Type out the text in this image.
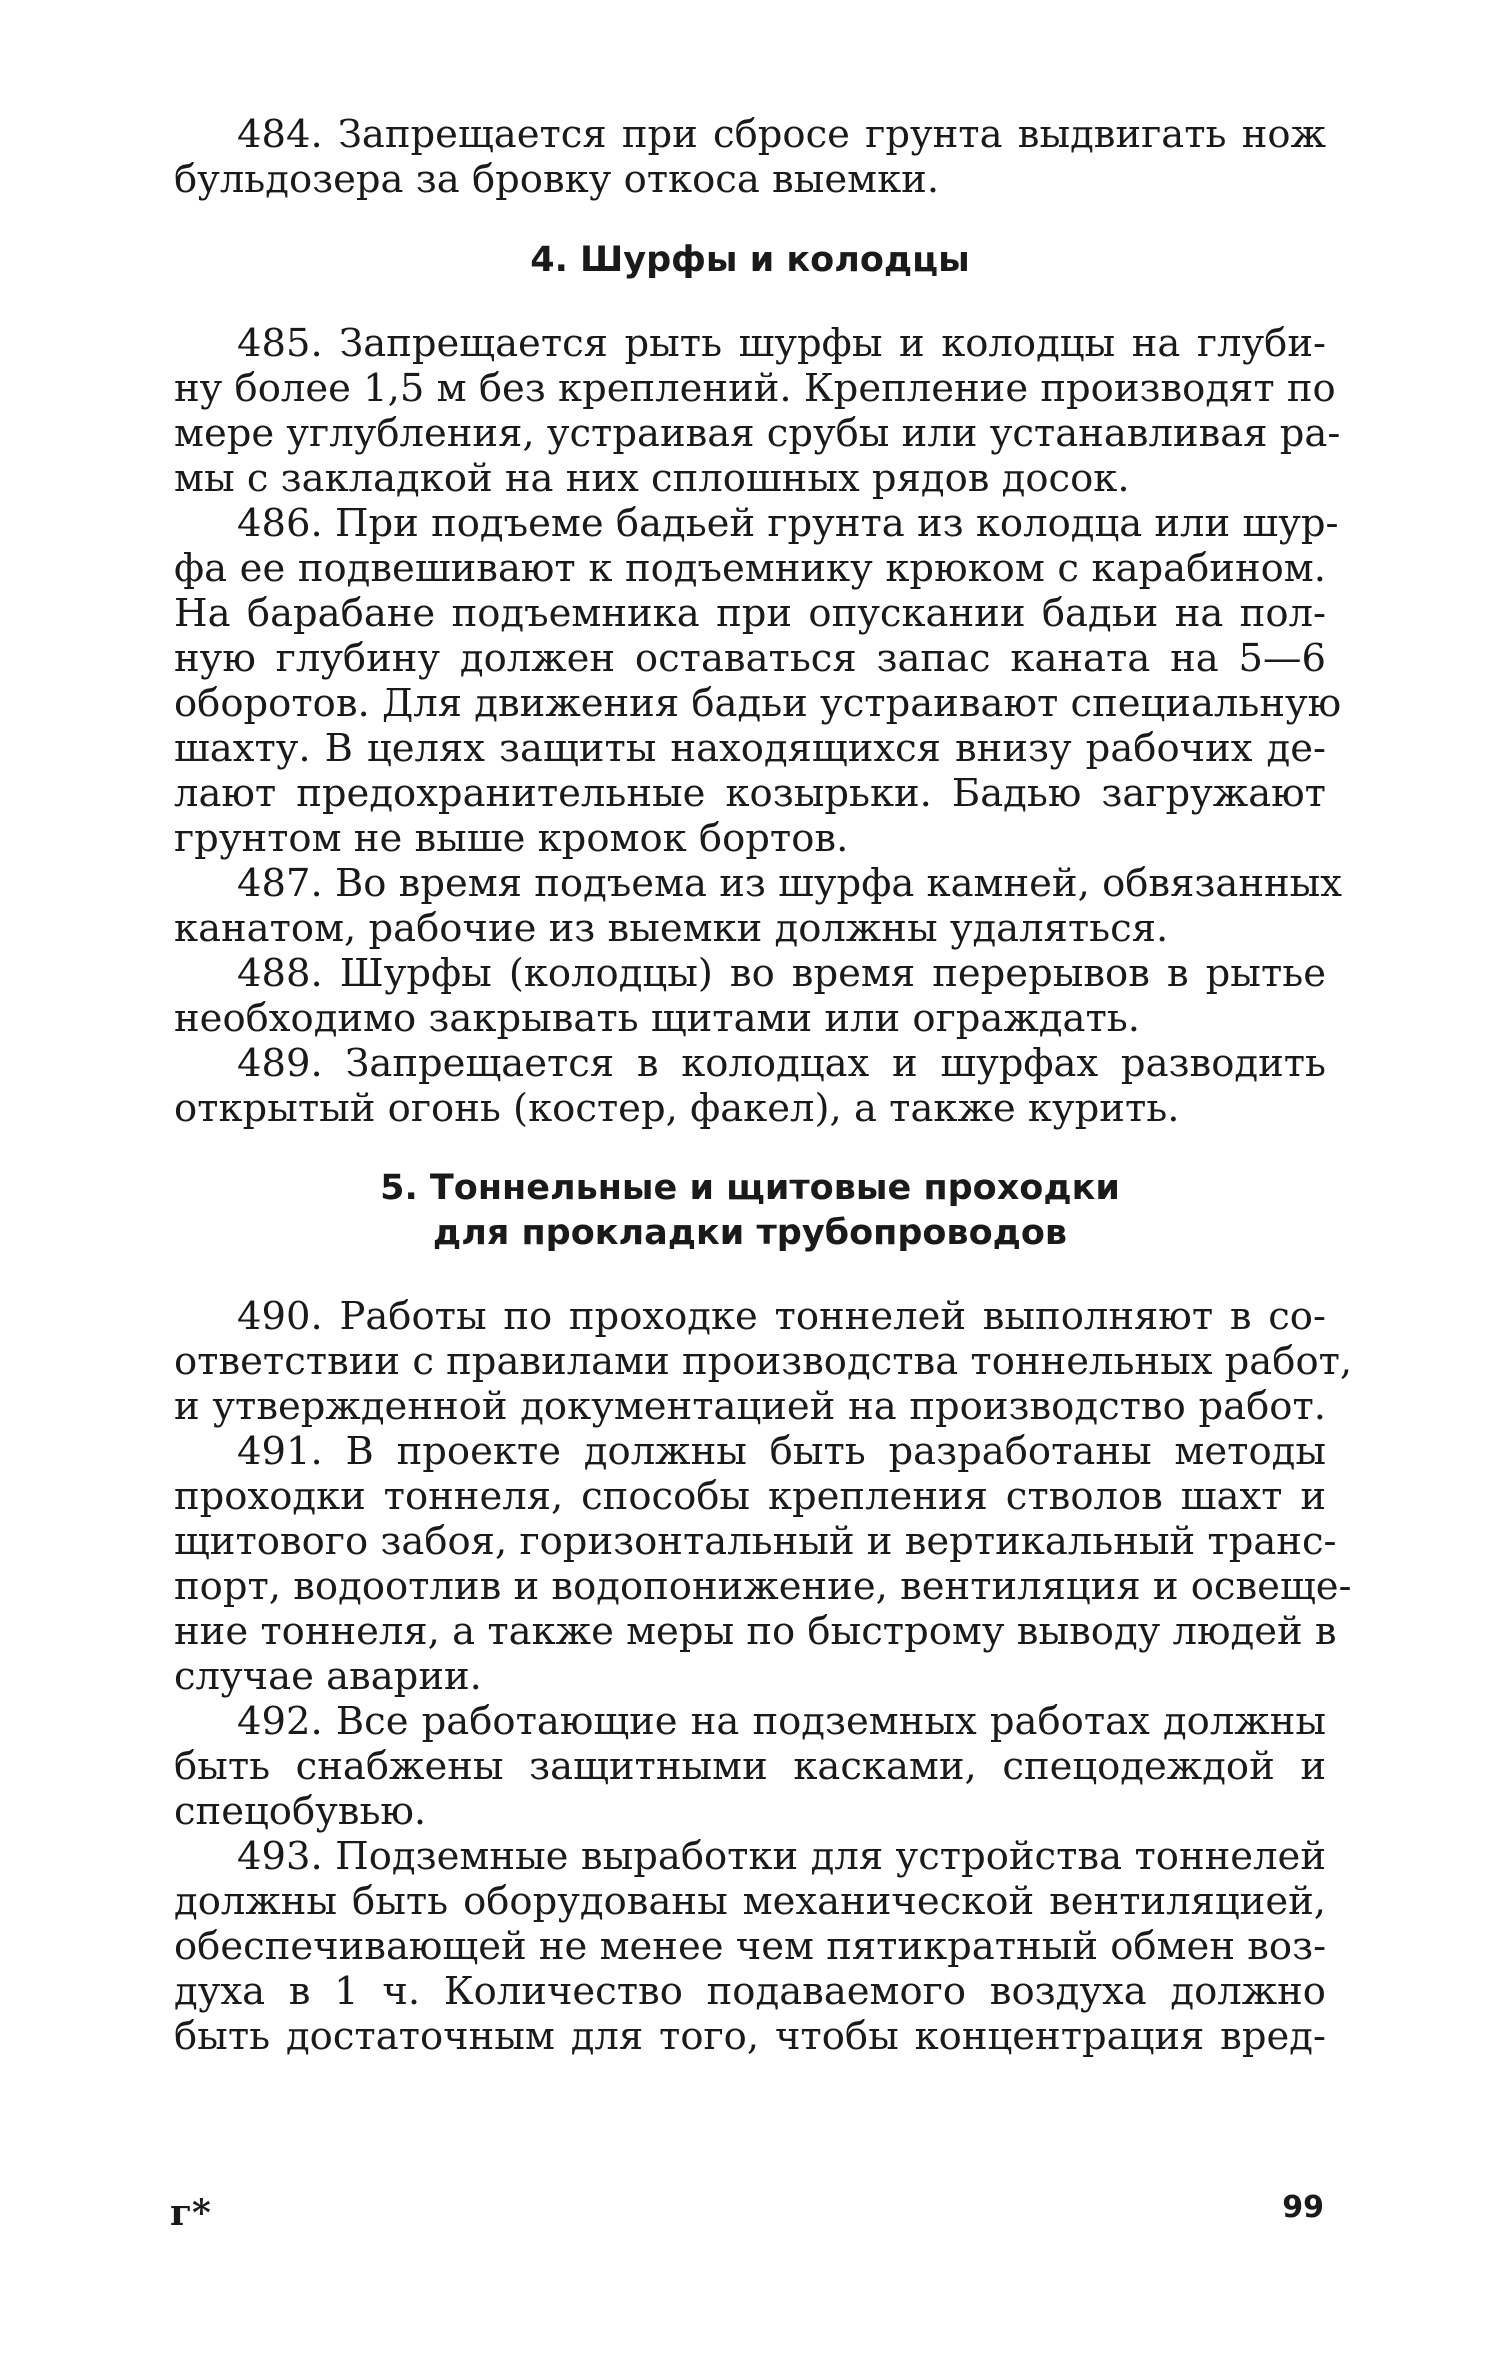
484. Запрещается при сбросе грунта выдвигать нож
бульдозера за бровку откоса выемки.
4. Шурфы и колодцы
485. Запрещается рыть шурфы и колодцы на глуби-
ну более 1,5 м без креплений. Крепление производят по
мере углубления, устраивая срубы или устанавливая ра-
мы с закладкой на них сплошных рядов досок.
486. При подъеме бадьей грунта из колодца или шур-
фа ее подвешивают к подъемнику крюком с карабином.
На барабане подъемника при опускании бадьи на пол-
ную глубину должен оставаться запас каната на 5—6
оборотов. Для движения бадьи устраивают специальную
шахту. В целях защиты находящихся внизу рабочих де-
лают предохранительные козырьки. Бадью загружают
грунтом не выше кромок бортов.
487. Во время подъема из шурфа камней, обвязанных
канатом, рабочие из выемки должны удаляться.
488. Шурфы (колодцы) во время перерывов в рытье
необходимо закрывать щитами или ограждать.
489. Запрещается в колодцах и шурфах разводить
открытый огонь (костер, факел), а также курить.
5. Тоннельные и щитовые проходки
для прокладки трубопроводов
490. Работы по проходке тоннелей выполняют в со-
ответствии с правилами производства тоннельных работ,
и утвержденной документацией на производство работ.
491. В проекте должны быть разработаны методы
проходки тоннеля, способы крепления стволов шахт и
щитового забоя, горизонтальный и вертикальный транс-
порт, водоотлив и водопонижение, вентиляция и освеще-
ние тоннеля, а также меры по быстрому выводу людей в
случае аварии.
492. Все работающие на подземных работах должны
быть снабжены защитными касками, спецодеждой и
спецобувью.
493. Подземные выработки для устройства тоннелей
должны быть оборудованы механической вентиляцией,
обеспечивающей не менее чем пятикратный обмен воз-
духа в 1 ч. Количество подаваемого воздуха должно
быть достаточным для того, чтобы концентрация вред-
г*	99
